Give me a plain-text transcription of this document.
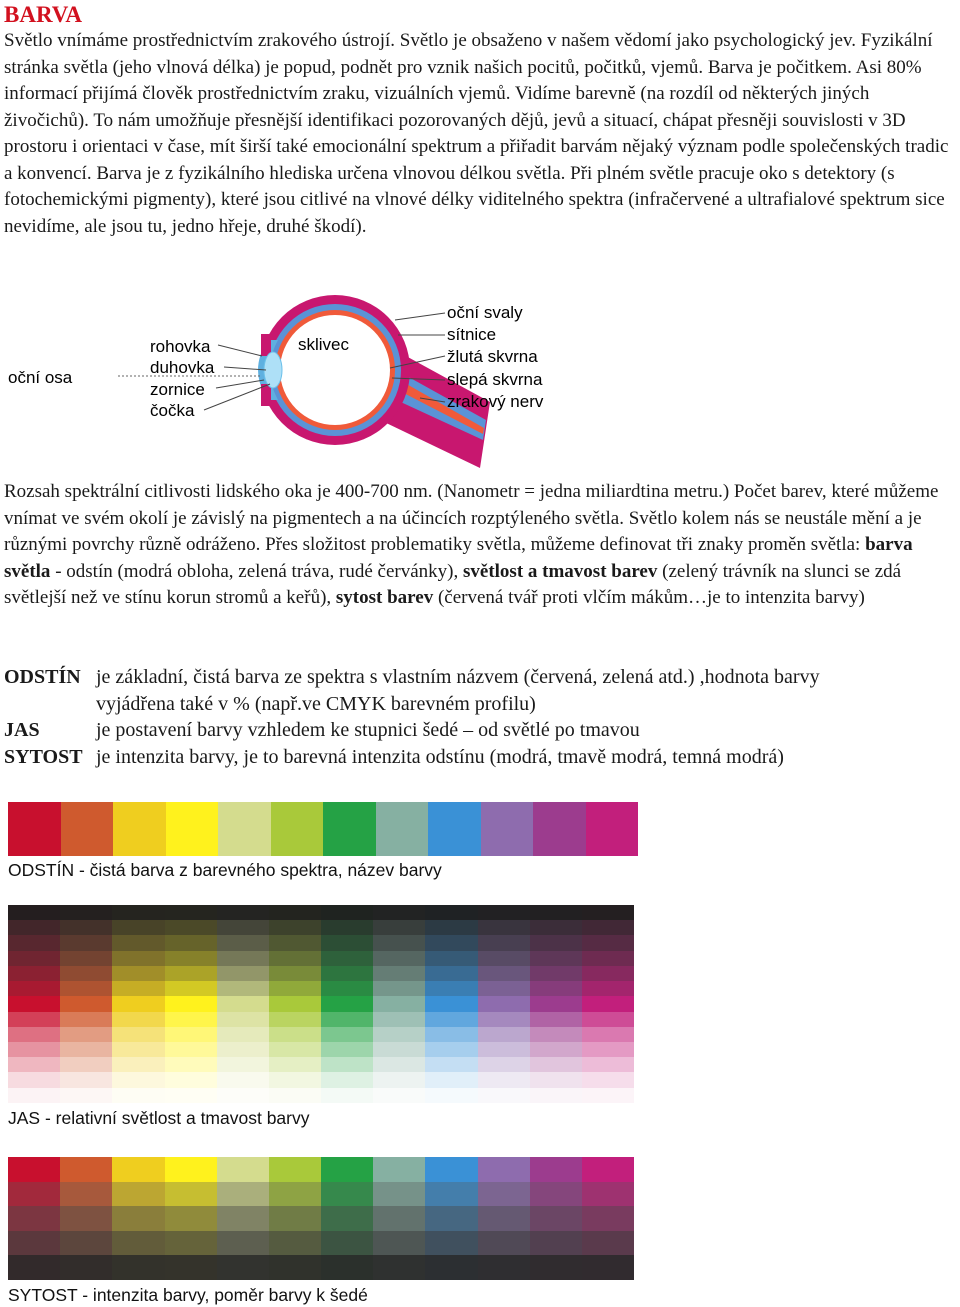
BARVA

Světlo vnímáme prostřednictvím zrakového ústrojí. Světlo je obsaženo v našem vědomí jako psychologický jev. Fyzikální stránka světla (jeho vlnová délka) je popud, podnět pro vznik našich pocitů, počitků, vjemů. Barva je počitkem. Asi 80% informací přijímá člověk prostřednictvím zraku, vizuálních vjemů. Vidíme barevně (na rozdíl od některých jiných živočichů). To nám umožňuje přesnější identifikaci pozorovaných dějů, jevů a situací, chápat přesněji souvislosti v 3D prostoru i orientaci v čase, mít širší také emocionální spektrum a přiřadit barvám nějaký význam podle společenských tradic a konvencí. Barva je z fyzikálního hlediska určena vlnovou délkou světla. Při plném světle pracuje oko s detektory (s fotochemickými pigmenty), které jsou citlivé na vlnové délky viditelného spektra (infračervené a ultrafialové spektrum sice nevidíme, ale jsou tu, jedno hřeje, druhé škodí).

oční osa
rohovka
duhovka
zornice
čočka
sklivec
oční svaly
sítnice
žlutá skvrna
slepá skvrna
zrakový nerv

Rozsah spektrální citlivosti lidského oka je 400-700 nm. (Nanometr = jedna miliardtina metru.) Počet barev, které můžeme vnímat ve svém okolí je závislý na pigmentech a na účincích rozptýleného světla. Světlo kolem nás se neustále mění a je různými povrchy různě odráženo. Přes složitost problematiky světla, můžeme definovat tři znaky proměn světla: barva světla - odstín (modrá obloha, zelená tráva, rudé červánky), světlost a tmavost barev (zelený trávník na slunci se zdá světlejší než ve stínu korun stromů a keřů), sytost barev (červená tvář proti vlčím mákům…je to intenzita barvy)

ODSTÍN je základní, čistá barva ze spektra s vlastním názvem (červená, zelená atd.) ,hodnota barvy
vyjádřena také v % (např.ve CMYK barevném profilu)
JAS	je postavení barvy vzhledem ke stupnici šedé – od světlé po tmavou
SYTOST je intenzita barvy, je to barevná intenzita odstínu (modrá, tmavě modrá, temná modrá)
ODSTÍN - čistá barva z barevného spektra, název barvy
JAS - relativní světlost a tmavost barvy
SYTOST - intenzita barvy, poměr barvy k šedé
